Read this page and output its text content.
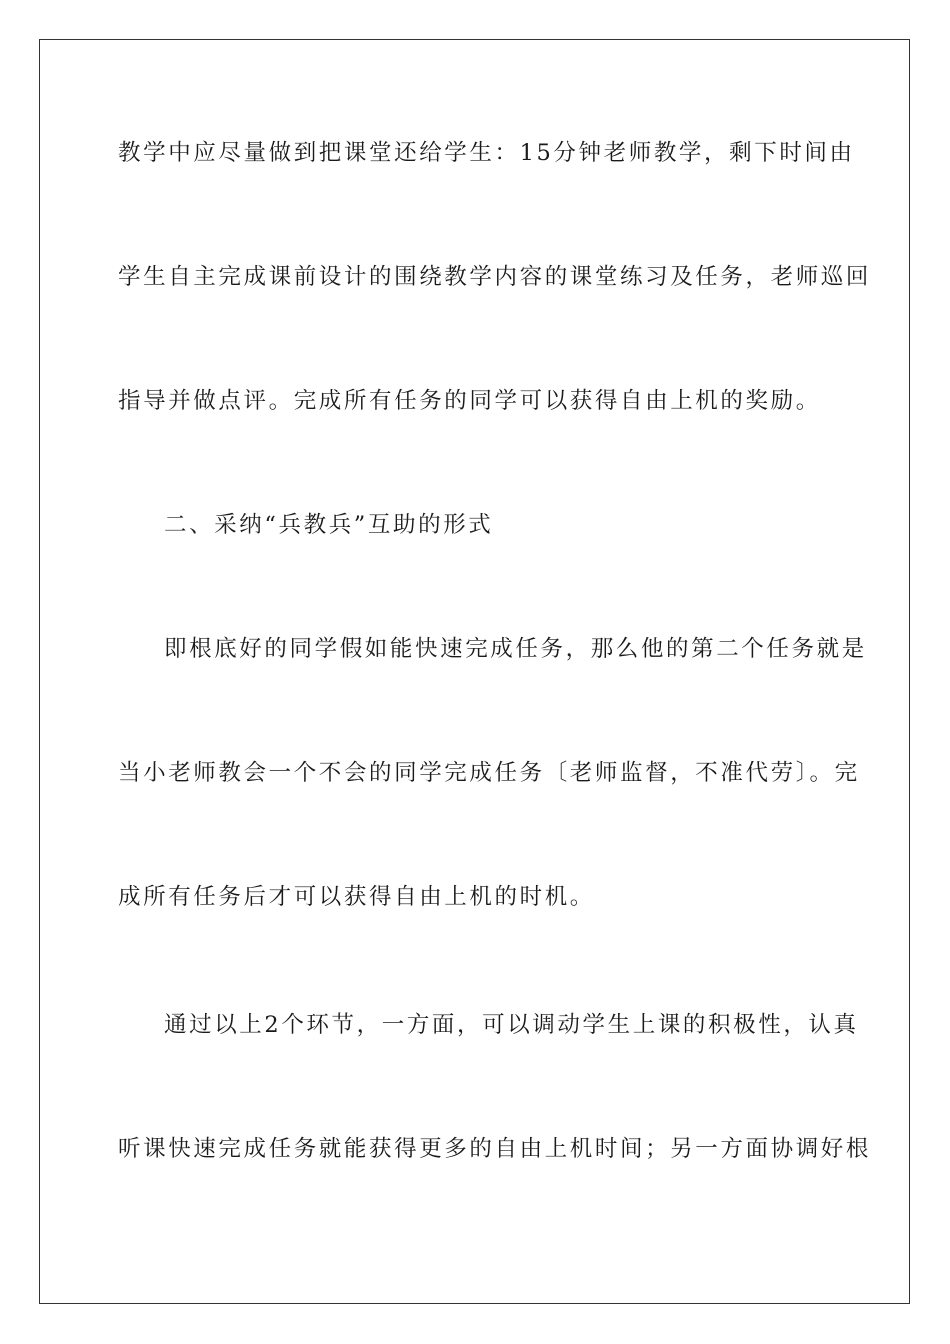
教学中应尽量做到把课堂还给学生：15分钟老师教学，剩下时间由
学生自主完成课前设计的围绕教学内容的课堂练习及任务，老师巡回
指导并做点评。完成所有任务的同学可以获得自由上机的奖励。
二、采纳“兵教兵”互助的形式
即根底好的同学假如能快速完成任务，那么他的第二个任务就是
当小老师教会一个不会的同学完成任务〔老师监督，不准代劳〕。完
成所有任务后才可以获得自由上机的时机。
通过以上2个环节，一方面，可以调动学生上课的积极性，认真
听课快速完成任务就能获得更多的自由上机时间；另一方面协调好根
